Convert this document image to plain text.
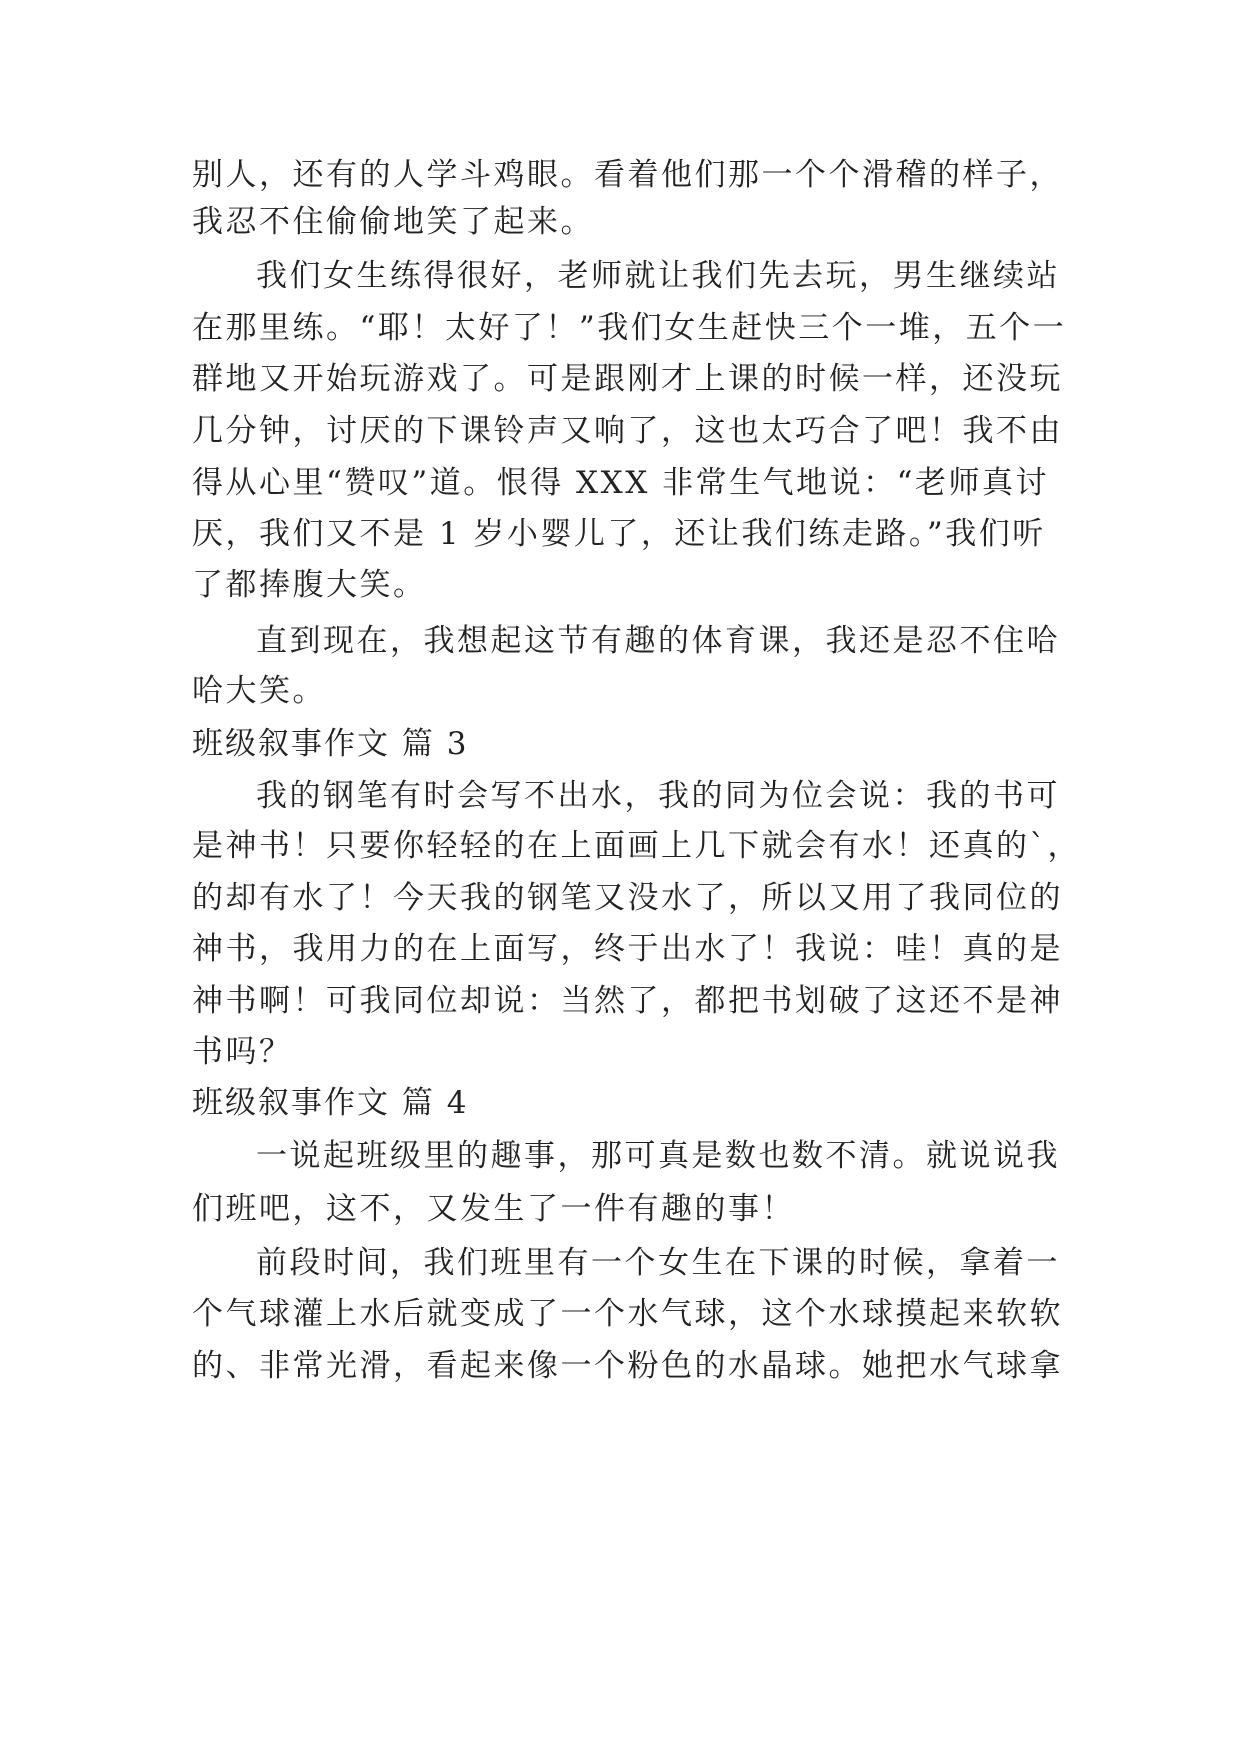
别人，还有的人学斗鸡眼。看着他们那一个个滑稽的样子，
我忍不住偷偷地笑了起来。
我们女生练得很好，老师就让我们先去玩，男生继续站
在那里练。“耶！太好了！”我们女生赶快三个一堆，五个一
群地又开始玩游戏了。可是跟刚才上课的时候一样，还没玩
几分钟，讨厌的下课铃声又响了，这也太巧合了吧！我不由
得从心里“赞叹”道。恨得 XXX 非常生气地说：“老师真讨
厌，我们又不是 1 岁小婴儿了，还让我们练走路。”我们听
了都捧腹大笑。
直到现在，我想起这节有趣的体育课，我还是忍不住哈
哈大笑。
班级叙事作文 篇 3
我的钢笔有时会写不出水，我的同为位会说：我的书可
是神书！只要你轻轻的在上面画上几下就会有水！还真的`，
的却有水了！今天我的钢笔又没水了，所以又用了我同位的
神书，我用力的在上面写，终于出水了！我说：哇！真的是
神书啊！可我同位却说：当然了，都把书划破了这还不是神
书吗？
班级叙事作文 篇 4
一说起班级里的趣事，那可真是数也数不清。就说说我
们班吧，这不，又发生了一件有趣的事！
前段时间，我们班里有一个女生在下课的时候，拿着一
个气球灌上水后就变成了一个水气球，这个水球摸起来软软
的、非常光滑，看起来像一个粉色的水晶球。她把水气球拿
